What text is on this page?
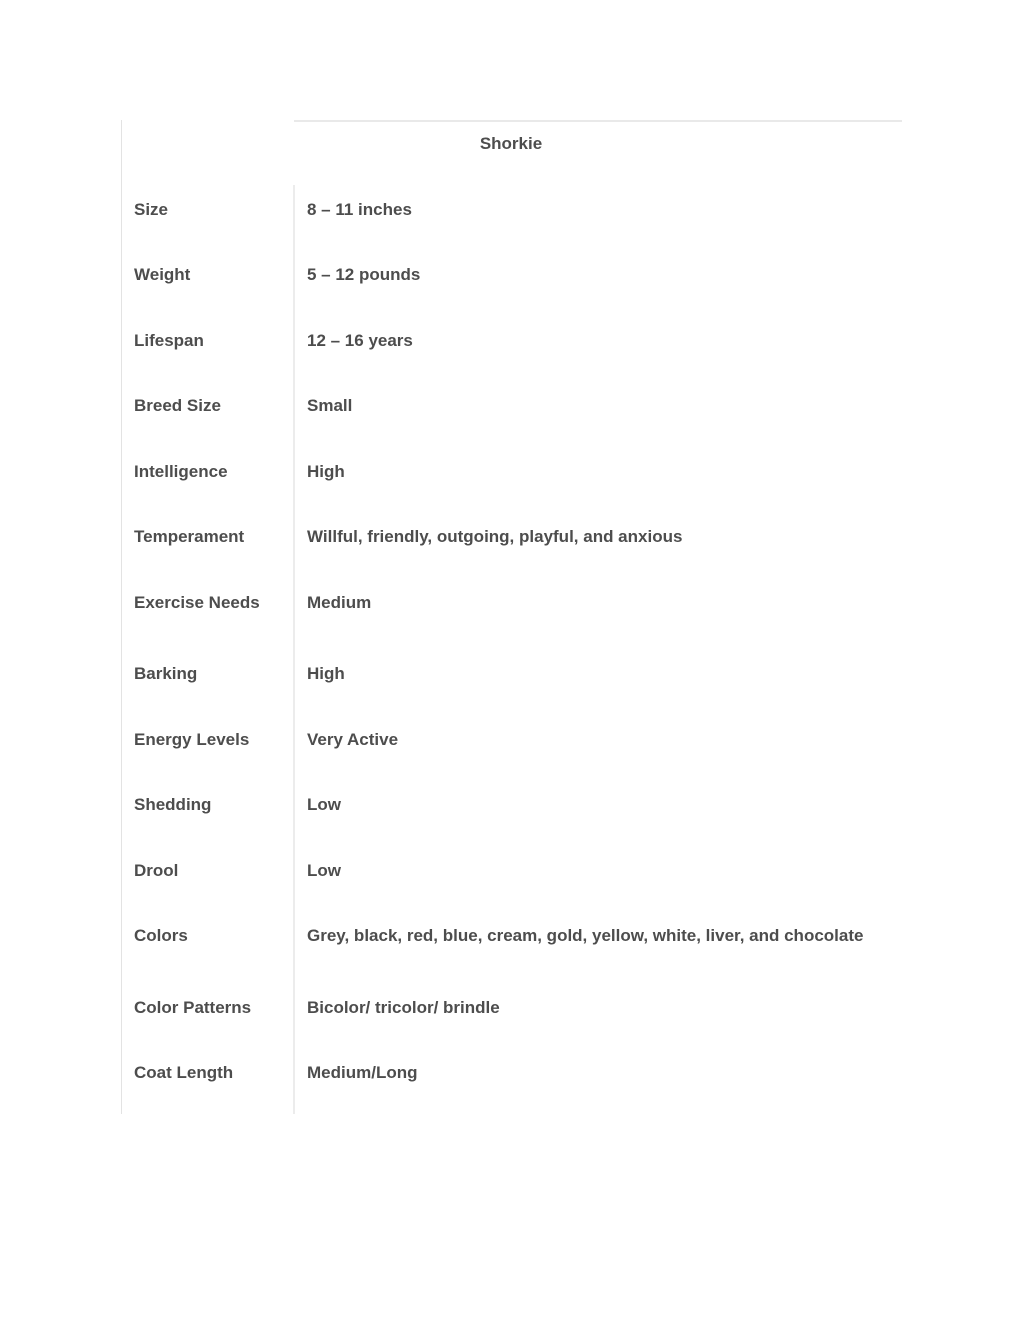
Shorkie
Size	8 – 11 inches
Weight	5 – 12 pounds
Lifespan	12 – 16 years
Breed Size	Small
Intelligence	High
Temperament	Willful, friendly, outgoing, playful, and anxious
Exercise Needs	Medium
Barking	High
Energy Levels	Very Active
Shedding	Low
Drool	Low
Colors	Grey, black, red, blue, cream, gold, yellow, white, liver, and chocolate
Color Patterns	Bicolor/ tricolor/ brindle
Coat Length	Medium/Long
